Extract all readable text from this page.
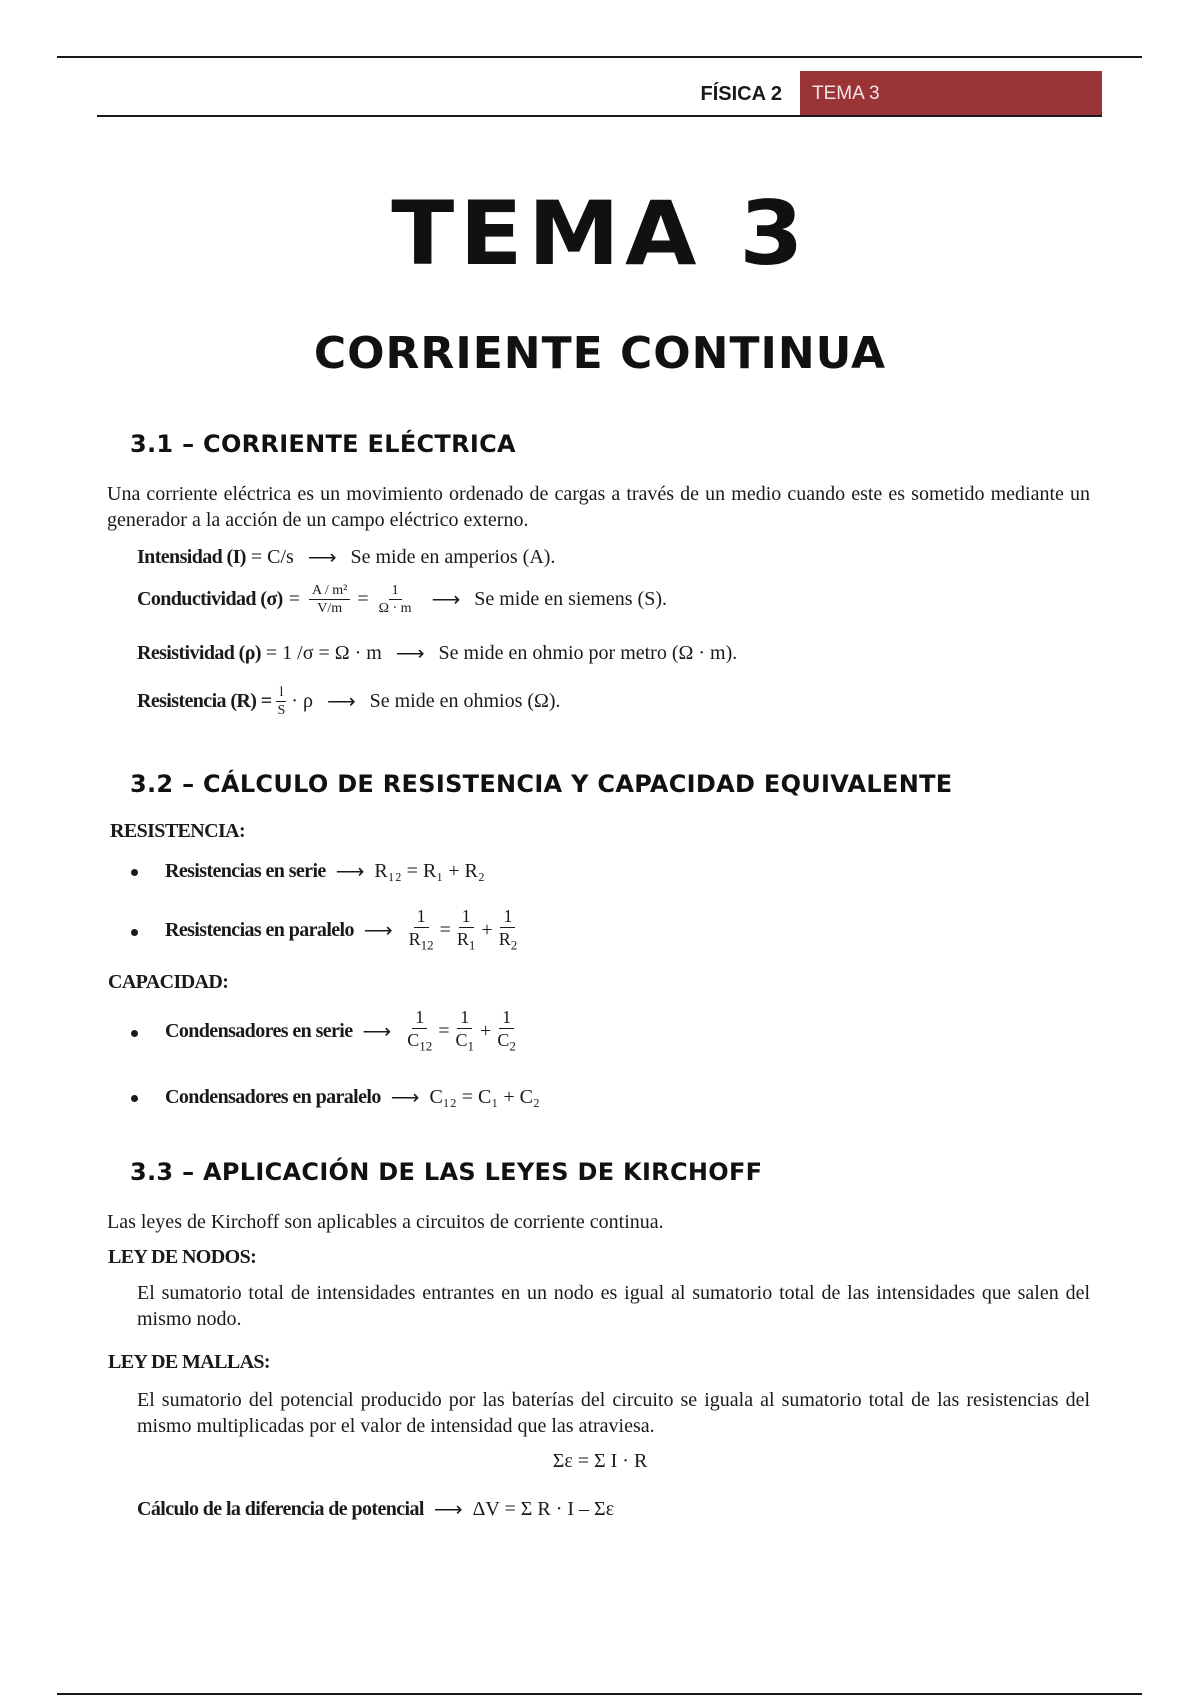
FÍSICA 2	TEMA 3
TEMA 3
CORRIENTE CONTINUA
3.1 – CORRIENTE ELÉCTRICA
Una corriente eléctrica es un movimiento ordenado de cargas a través de un medio cuando este es sometido mediante un generador a la acción de un campo eléctrico externo.
Intensidad (I) = C/s ⟶ Se mide en amperios (A).
Conductividad $(\sigma) = \frac{\text{A / m²}}{V/m} = \frac{1}{\Omega \cdot m}$ ⟶ Se mide en siemens (S).
Resistividad (ρ) = 1 /σ = Ω · m ⟶ Se mide en ohmio por metro (Ω · m).
Resistencia $(R) = \frac{l}{S} \cdot \rho$ ⟶ Se mide en ohmios (Ω).
3.2 – CÁLCULO DE RESISTENCIA Y CAPACIDAD EQUIVALENTE
RESISTENCIA:
Resistencias en serie ⟶ R₁₂ = R₁ + R₂
Resistencias en paralelo ⟶ $\frac{1}{R_{12}} = \frac{1}{R_1} + \frac{1}{R_2}$
CAPACIDAD:
Condensadores en serie ⟶ $\frac{1}{C_{12}} = \frac{1}{C_1} + \frac{1}{C_2}$
Condensadores en paralelo ⟶ C₁₂ = C₁ + C₂
3.3 – APLICACIÓN DE LAS LEYES DE KIRCHOFF
Las leyes de Kirchoff son aplicables a circuitos de corriente continua.
LEY DE NODOS:
El sumatorio total de intensidades entrantes en un nodo es igual al sumatorio total de las intensidades que salen del mismo nodo.
LEY DE MALLAS:
El sumatorio del potencial producido por las baterías del circuito se iguala al sumatorio total de las resistencias del mismo multiplicadas por el valor de intensidad que las atraviesa.
Σε = Σ I · R
Cálculo de la diferencia de potencial ⟶ ΔV = Σ R · I – Σε
